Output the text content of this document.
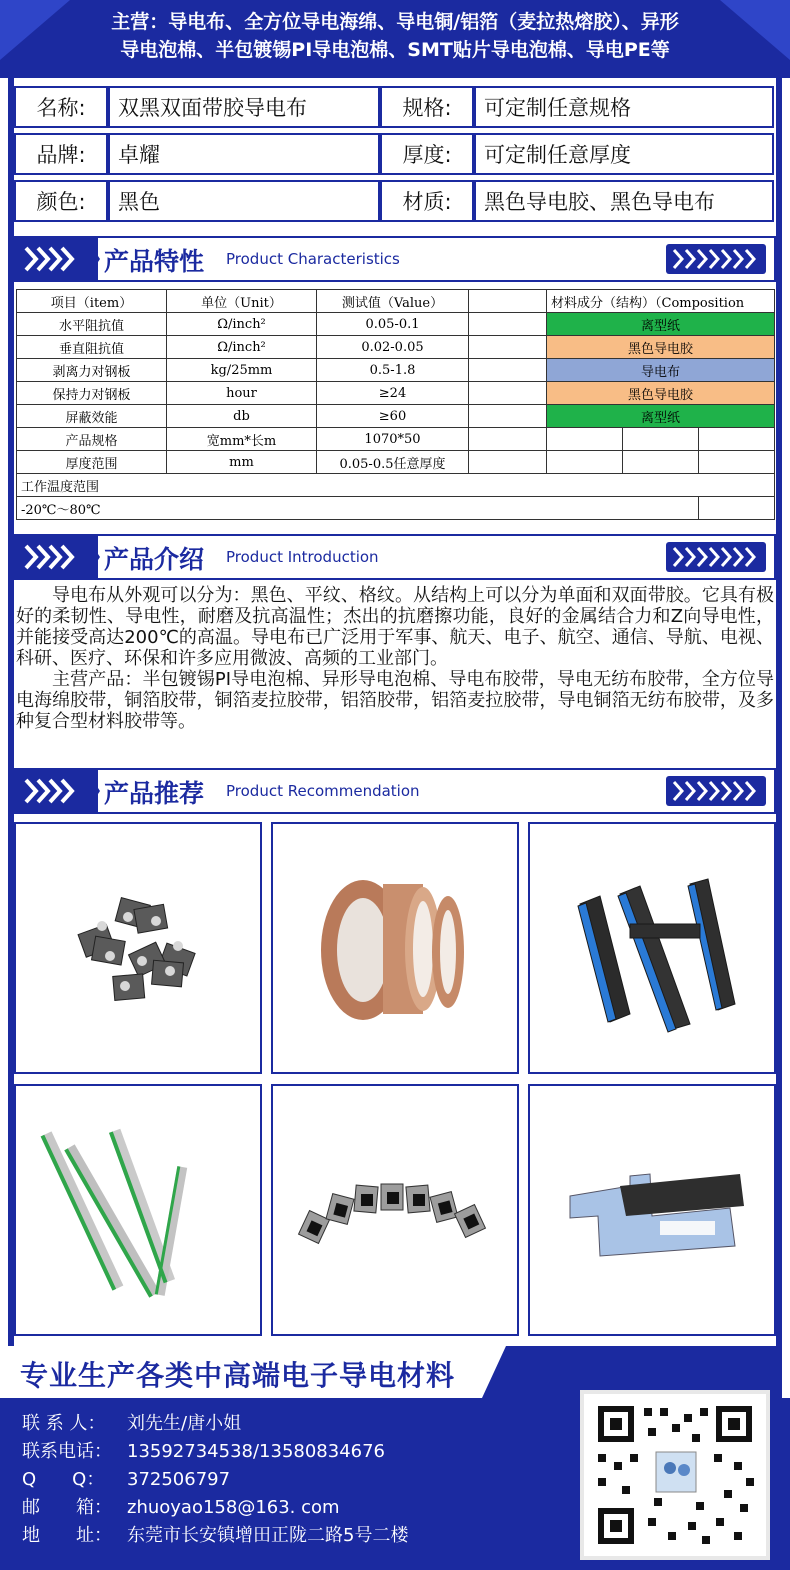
主营：导电布、全方位导电海绵、导电铜/铝箔（麦拉热熔胶）、异形
导电泡棉、半包镀锡PI导电泡棉、SMT贴片导电泡棉、导电PE等
名称:	双黑双面带胶导电布	规格:	可定制任意规格
品牌:	卓耀	厚度:	可定制任意厚度
颜色:	黑色	材质:	黑色导电胶、黑色导电布
产品特性 Product Characteristics
项目（item）	单位（Unit）	测试值（Value）		材料成分（结构）（Composition		
水平阻抗值	Ω/inch²	0.05-0.1		离型纸		
垂直阻抗值	Ω/inch²	0.02-0.05		黑色导电胶		
剥离力对钢板	kg/25mm	0.5-1.8		导电布		
保持力对钢板	hour	≥24		黑色导电胶		
屏蔽效能	db	≥60		离型纸		
产品规格	宽mm*长m	1070*50				
厚度范围	mm	0.05-0.5任意厚度				
工作温度范围						
-20℃～80℃						
产品介绍 Product Introduction

导电布从外观可以分为：黑色、平纹、格纹。从结构上可以分为单面和双面带胶。它具有极好的柔韧性、导电性，耐磨及抗高温性；杰出的抗磨擦功能，良好的金属结合力和Z向导电性，并能接受高达200℃的高温。导电布已广泛用于军事、航天、电子、航空、通信、导航、电视、科研、医疗、环保和许多应用微波、高频的工业部门。

主营产品：半包镀锡PI导电泡棉、异形导电泡棉、导电布胶带，导电无纺布胶带，全方位导电海绵胶带，铜箔胶带，铜箔麦拉胶带，铝箔胶带，铝箔麦拉胶带，导电铜箔无纺布胶带，及多种复合型材料胶带等。

产品推荐 Product Recommendation
专业生产各类中高端电子导电材料
联 系 人：	刘先生/唐小姐
联系电话： 13592734538/13580834676
Q　　Q：	372506797
邮　　箱： zhuoyao158@163. com
地　　址： 东莞市长安镇增田正陇二路5号二楼
